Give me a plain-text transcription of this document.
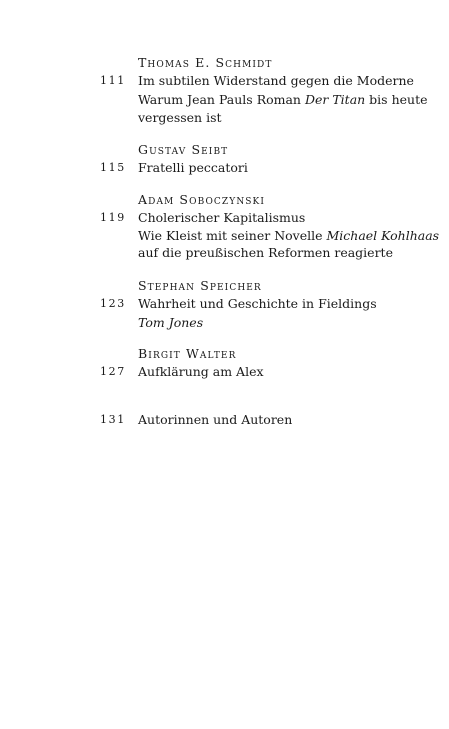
Thomas E. Schmidt
111 Im subtilen Widerstand gegen die Moderne
Warum Jean Pauls Roman Der Titan bis heute
vergessen ist
Gustav Seibt
115 Fratelli peccatori
Adam Soboczynski
119 Cholerischer Kapitalismus
Wie Kleist mit seiner Novelle Michael Kohlhaas
auf die preußischen Reformen reagierte
Stephan Speicher
123 Wahrheit und Geschichte in Fieldings
Tom Jones
Birgit Walter
127 Aufklärung am Alex
131 Autorinnen und Autoren
